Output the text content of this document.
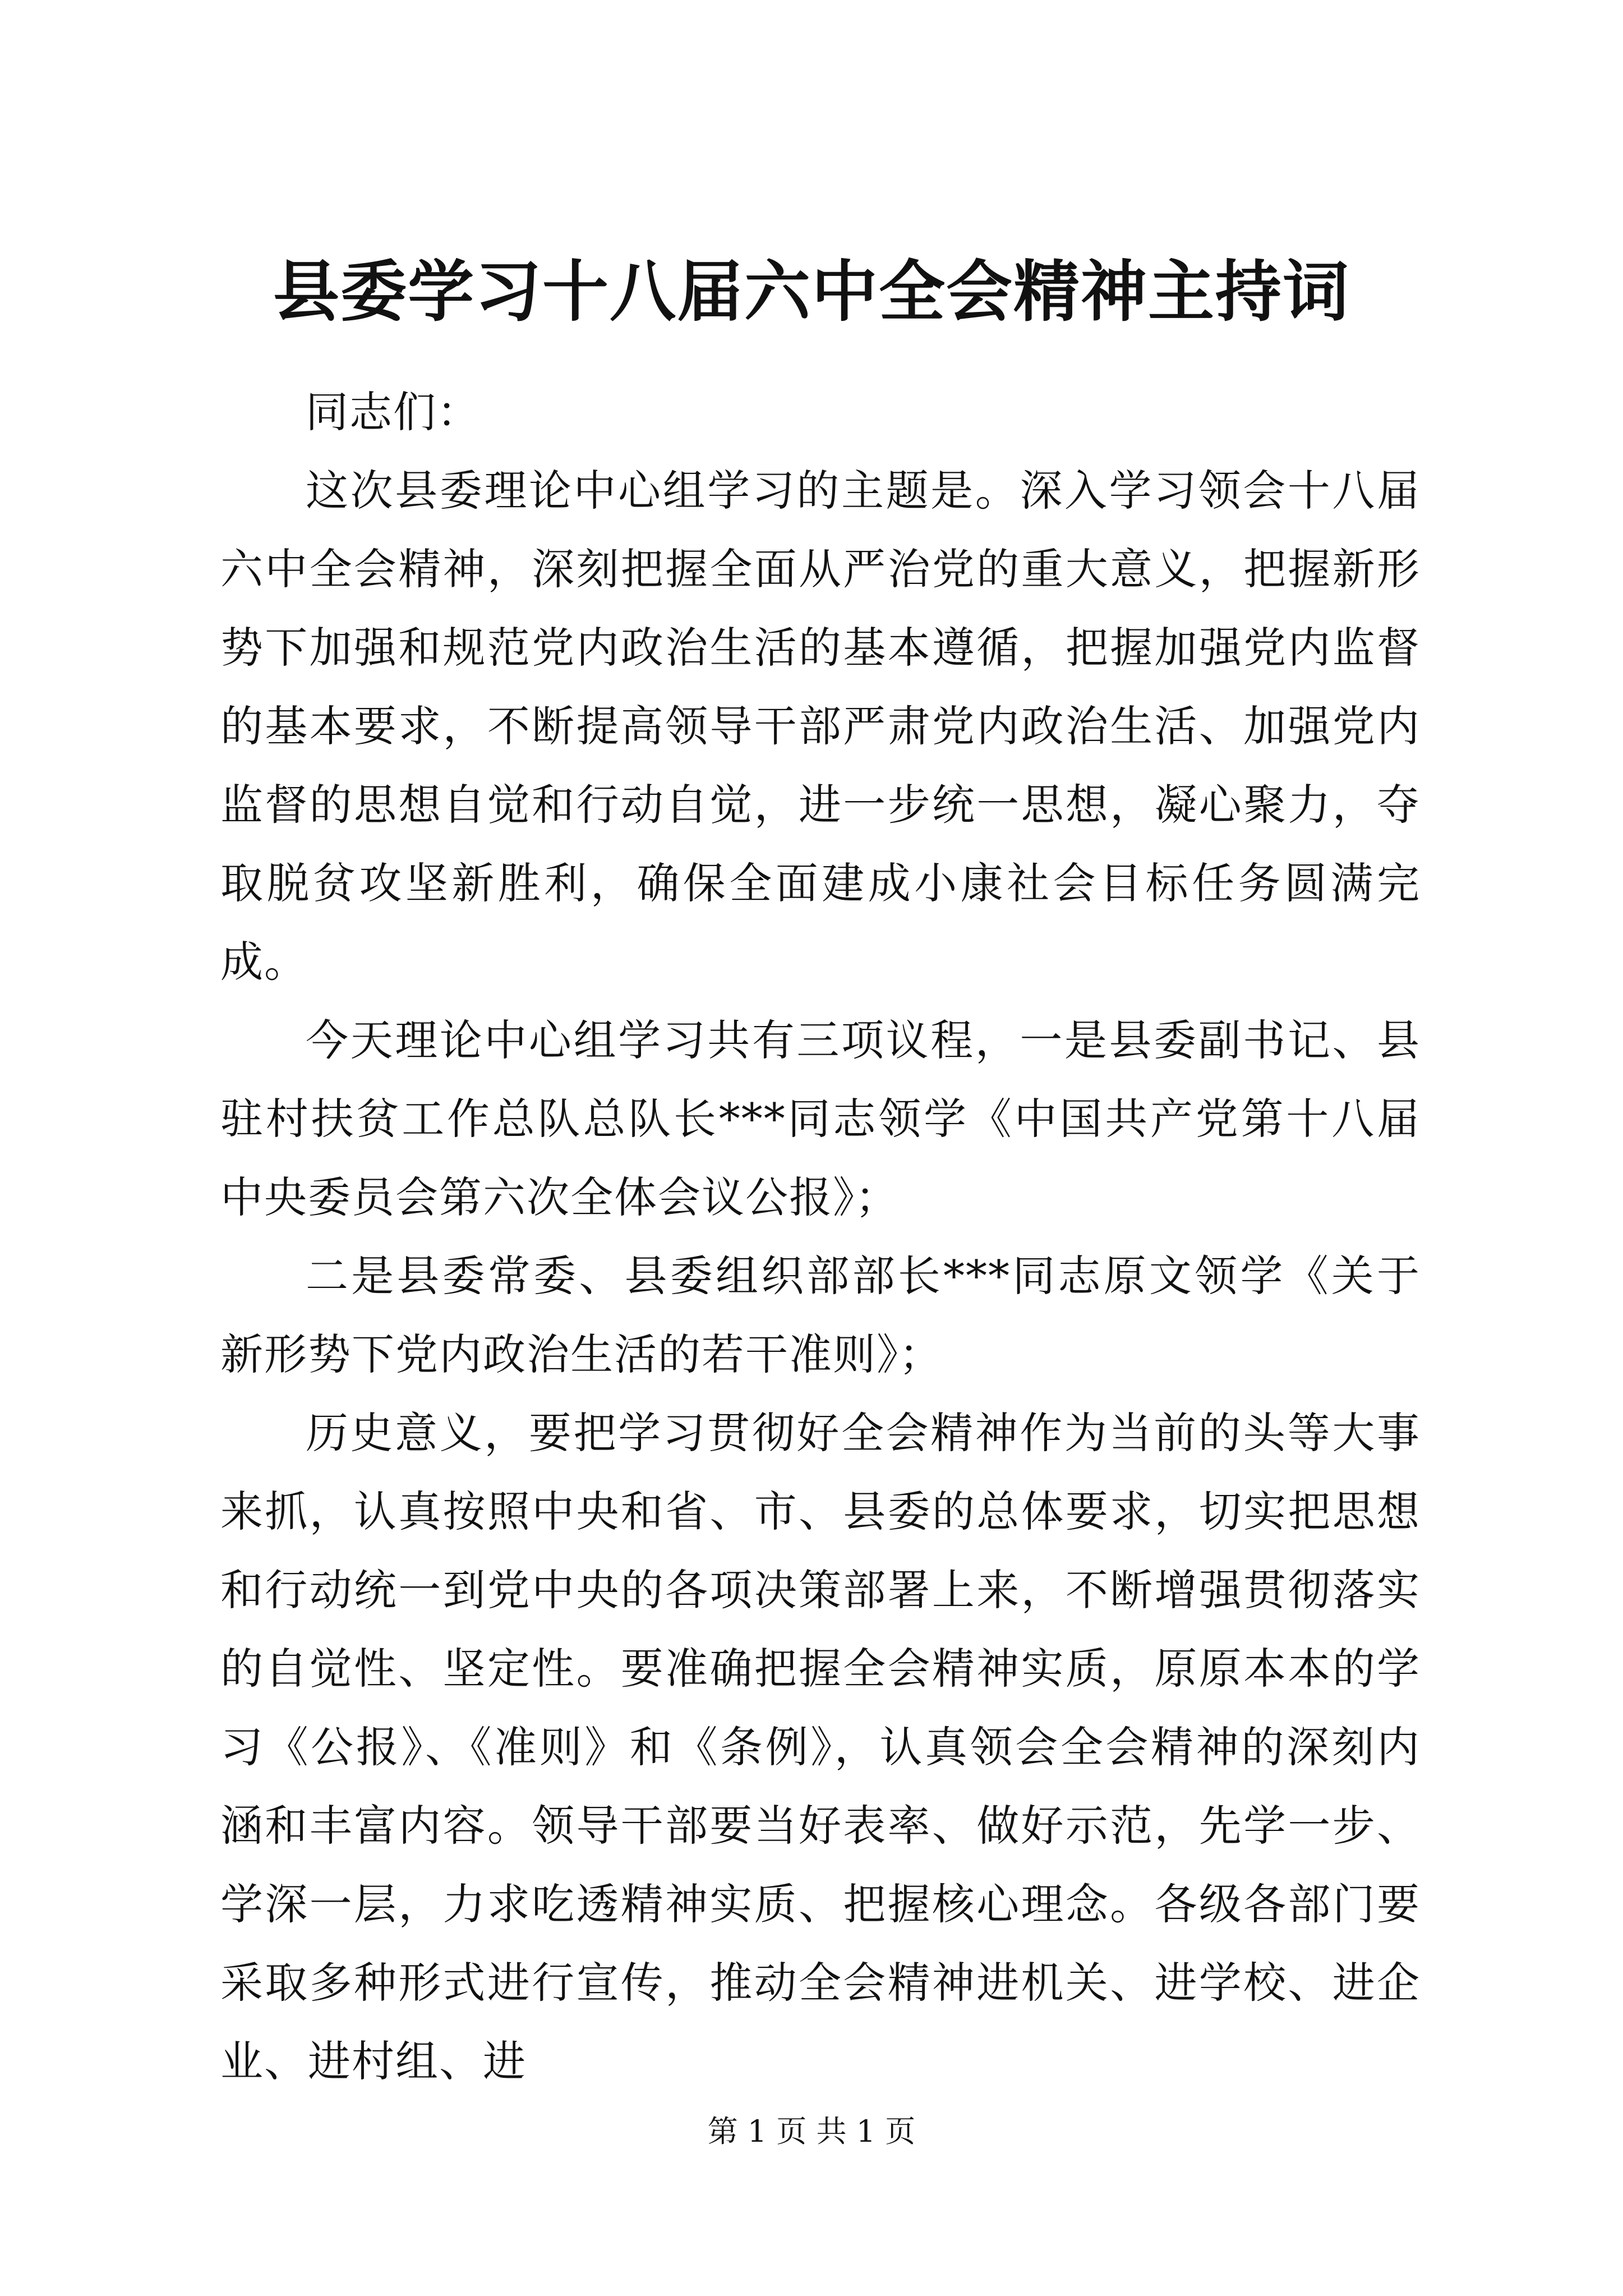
县委学习十八届六中全会精神主持词

同志们：

这次县委理论中心组学习的主题是。深入学习领会十八届六中全会精神，深刻把握全面从严治党的重大意义，把握新形势下加强和规范党内政治生活的基本遵循，把握加强党内监督的基本要求，不断提高领导干部严肃党内政治生活、加强党内监督的思想自觉和行动自觉，进一步统一思想，凝心聚力，夺取脱贫攻坚新胜利，确保全面建成小康社会目标任务圆满完成。

今天理论中心组学习共有三项议程，一是县委副书记、县驻村扶贫工作总队总队长***同志领学《中国共产党第十八届中央委员会第六次全体会议公报》；

二是县委常委、县委组织部部长***同志原文领学《关于新形势下党内政治生活的若干准则》；

历史意义，要把学习贯彻好全会精神作为当前的头等大事来抓，认真按照中央和省、市、县委的总体要求，切实把思想和行动统一到党中央的各项决策部署上来，不断增强贯彻落实的自觉性、坚定性。要准确把握全会精神实质，原原本本的学习《公报》、《准则》和《条例》，认真领会全会精神的深刻内涵和丰富内容。领导干部要当好表率、做好示范，先学一步、学深一层，力求吃透精神实质、把握核心理念。各级各部门要采取多种形式进行宣传，推动全会精神进机关、进学校、进企业、进村组、进

第 1 页 共 1 页
